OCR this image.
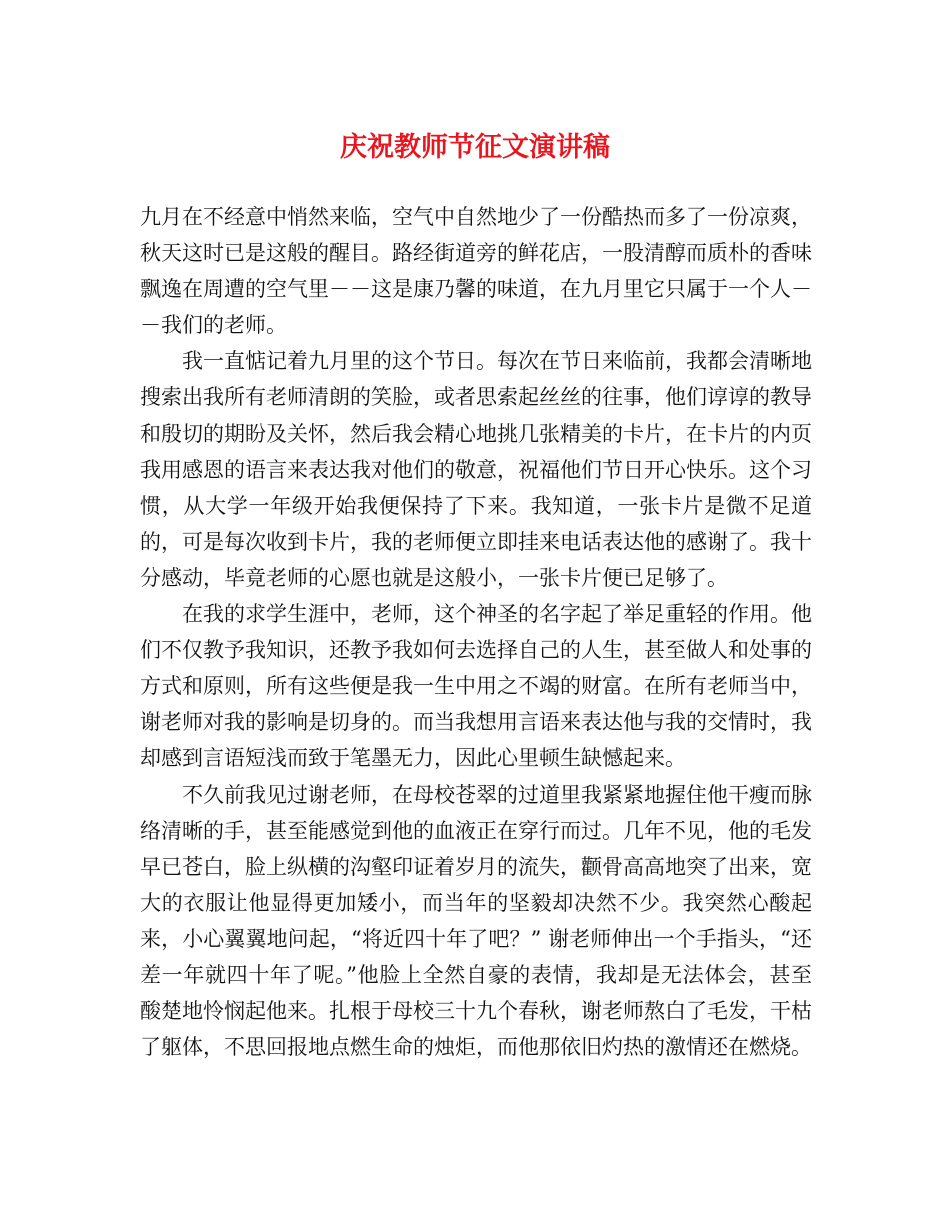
庆祝教师节征文演讲稿

九月在不经意中悄然来临，空气中自然地少了一份酷热而多了一份凉爽，秋天这时已是这般的醒目。路经街道旁的鲜花店，一股清醇而质朴的香味飘逸在周遭的空气里－－这是康乃馨的味道，在九月里它只属于一个人－－我们的老师。

我一直惦记着九月里的这个节日。每次在节日来临前，我都会清晰地搜索出我所有老师清朗的笑脸，或者思索起丝丝的往事，他们谆谆的教导和殷切的期盼及关怀，然后我会精心地挑几张精美的卡片，在卡片的内页我用感恩的语言来表达我对他们的敬意，祝福他们节日开心快乐。这个习惯，从大学一年级开始我便保持了下来。我知道，一张卡片是微不足道的，可是每次收到卡片，我的老师便立即挂来电话表达他的感谢了。我十分感动，毕竟老师的心愿也就是这般小，一张卡片便已足够了。

在我的求学生涯中，老师，这个神圣的名字起了举足重轻的作用。他们不仅教予我知识，还教予我如何去选择自己的人生，甚至做人和处事的方式和原则，所有这些便是我一生中用之不竭的财富。在所有老师当中，谢老师对我的影响是切身的。而当我想用言语来表达他与我的交情时，我却感到言语短浅而致于笔墨无力，因此心里顿生缺憾起来。

不久前我见过谢老师，在母校苍翠的过道里我紧紧地握住他干瘦而脉络清晰的手，甚至能感觉到他的血液正在穿行而过。几年不见，他的毛发早已苍白，脸上纵横的沟壑印证着岁月的流失，颧骨高高地突了出来，宽大的衣服让他显得更加矮小，而当年的坚毅却决然不少。我突然心酸起来，小心翼翼地问起，“将近四十年了吧？” 谢老师伸出一个手指头，“还差一年就四十年了呢。”他脸上全然自豪的表情，我却是无法体会，甚至酸楚地怜悯起他来。扎根于母校三十九个春秋，谢老师熬白了毛发，干枯了躯体，不思回报地点燃生命的烛炬，而他那依旧灼热的激情还在燃烧。
